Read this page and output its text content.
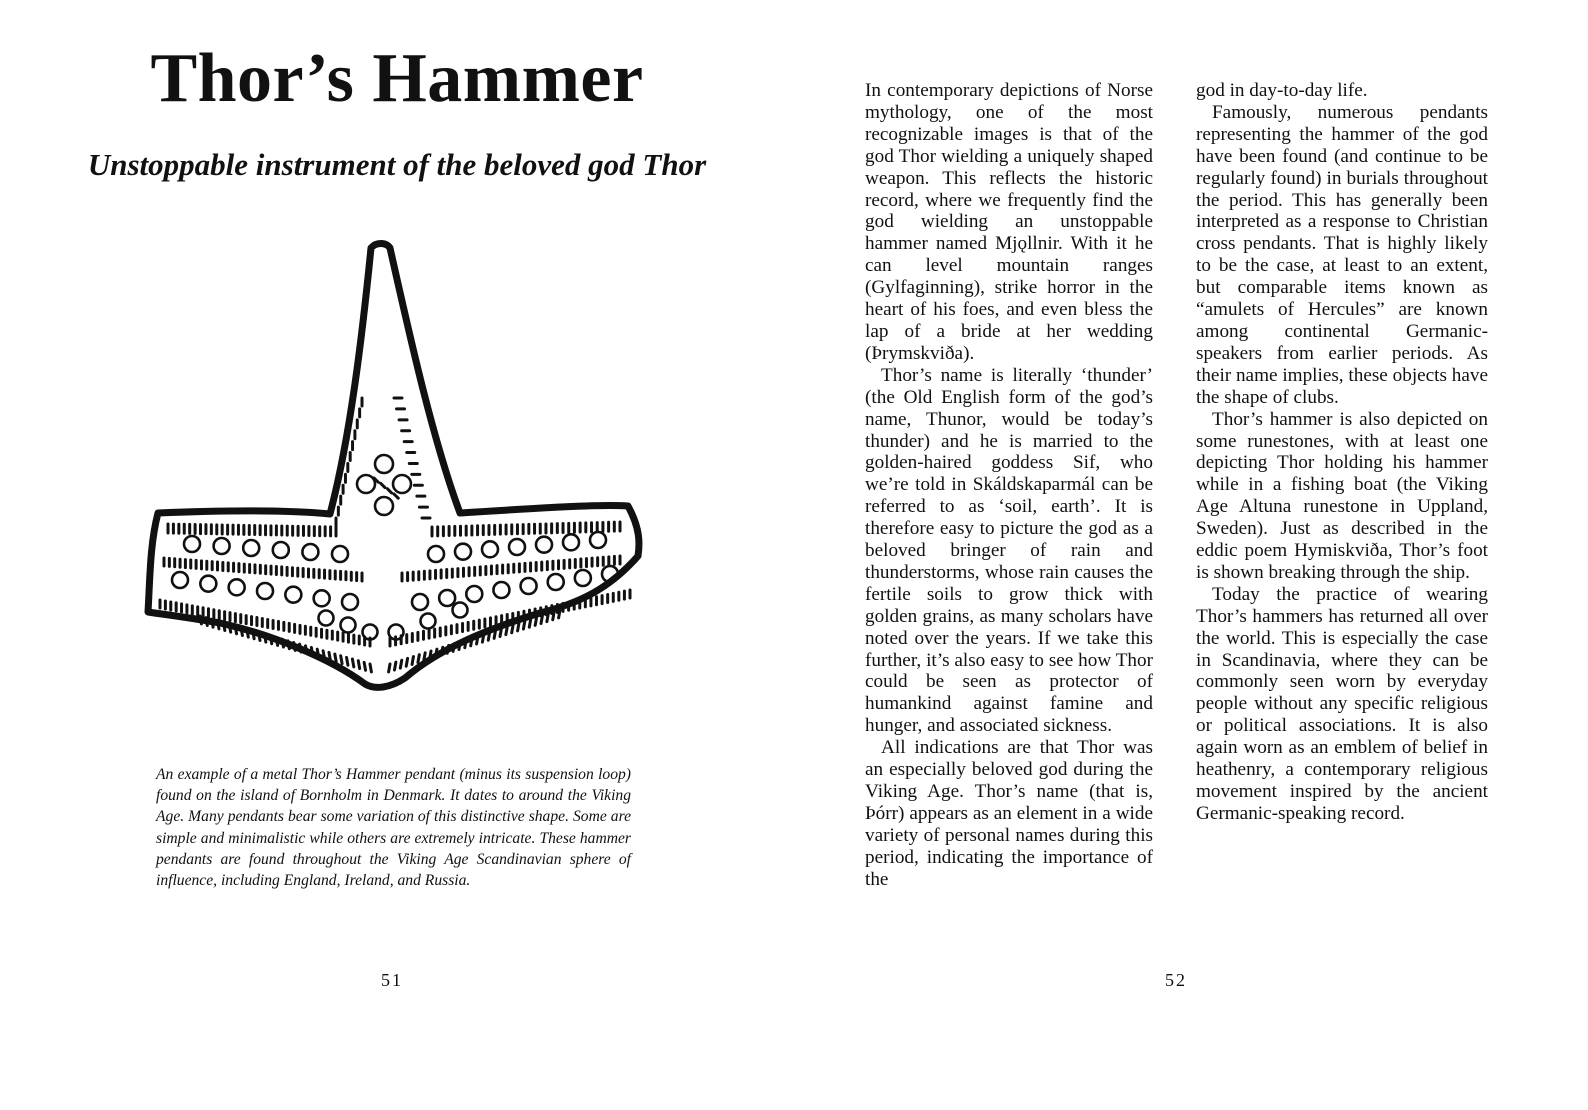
Thor’s Hammer
Unstoppable instrument of the beloved god Thor

An example of a metal Thor’s Hammer pendant (minus its suspension loop) found on the island of Bornholm in Denmark. It dates to around the Viking Age. Many pendants bear some variation of this distinctive shape. Some are simple and minimalistic while others are extremely intricate. These hammer pendants are found throughout the Viking Age Scandinavian sphere of influence, including England, Ireland, and Russia.

51

In contemporary depictions of Norse mythology, one of the most recognizable images is that of the god Thor wielding a uniquely shaped weapon. This reflects the historic record, where we frequently find the god wielding an unstoppable hammer named Mjǫllnir. With it he can level mountain ranges (Gylfaginning), strike horror in the heart of his foes, and even bless the lap of a bride at her wedding (Þrymskviða).

Thor’s name is literally ‘thunder’ (the Old English form of the god’s name, Thunor, would be today’s thunder) and he is married to the golden-haired goddess Sif, who we’re told in Skáldskaparmál can be referred to as ‘soil, earth’. It is therefore easy to picture the god as a beloved bringer of rain and thunderstorms, whose rain causes the fertile soils to grow thick with golden grains, as many scholars have noted over the years. If we take this further, it’s also easy to see how Thor could be seen as protector of humankind against famine and hunger, and associated sickness.

All indications are that Thor was an especially beloved god during the Viking Age. Thor’s name (that is, Þórr) appears as an element in a wide variety of personal names during this period, indicating the importance of the

god in day-to-day life.

Famously, numerous pendants representing the hammer of the god have been found (and continue to be regularly found) in burials throughout the period. This has generally been interpreted as a response to Christian cross pendants. That is highly likely to be the case, at least to an extent, but comparable items known as “amulets of Hercules” are known among continental Germanic-speakers from earlier periods. As their name implies, these objects have the shape of clubs.

Thor’s hammer is also depicted on some runestones, with at least one depicting Thor holding his hammer while in a fishing boat (the Viking Age Altuna runestone in Uppland, Sweden). Just as described in the eddic poem Hymiskviða, Thor’s foot is shown breaking through the ship.

Today the practice of wearing Thor’s hammers has returned all over the world. This is especially the case in Scandinavia, where they can be commonly seen worn by everyday people without any specific religious or political associations. It is also again worn as an emblem of belief in heathenry, a contemporary religious movement inspired by the ancient Germanic-speaking record.

52
